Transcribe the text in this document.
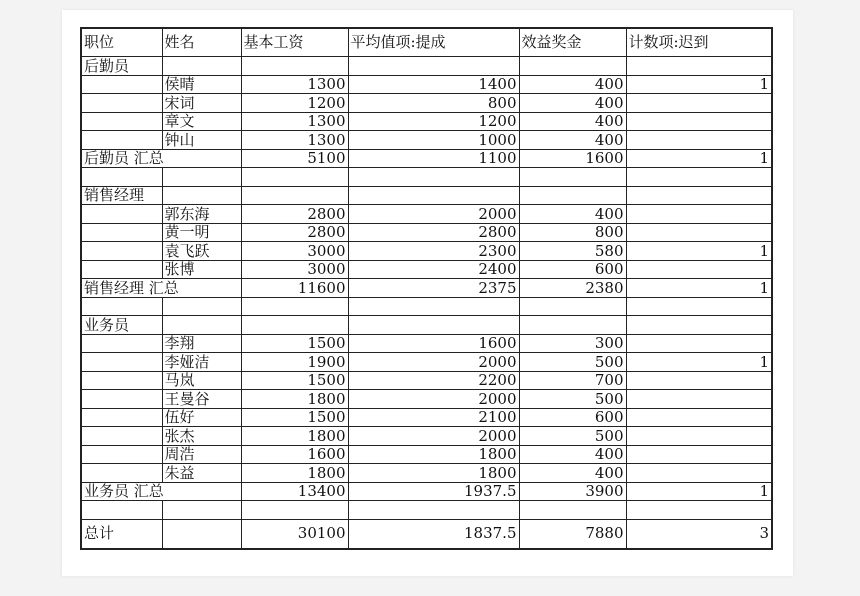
职位	姓名	基本工资	平均值项:提成	效益奖金	计数项:迟到
后勤员					
	侯晴	1300	1400	400	1
	宋词	1200	800	400	
	章文	1300	1200	400	
	钟山	1300	1000	400	
后勤员 汇总		5100	1100	1600	1

销售经理					
	郭东海	2800	2000	400	
	黄一明	2800	2800	800	
	袁飞跃	3000	2300	580	1
	张博	3000	2400	600	
销售经理 汇总		11600	2375	2380	1

业务员					
	李翔	1500	1600	300	
	李娅洁	1900	2000	500	1
	马岚	1500	2200	700	
	王曼谷	1800	2000	500	
	伍好	1500	2100	600	
	张杰	1800	2000	500	
	周浩	1600	1800	400	
	朱益	1800	1800	400	
业务员 汇总		13400	1937.5	3900	1

总计		30100	1837.5	7880	3
